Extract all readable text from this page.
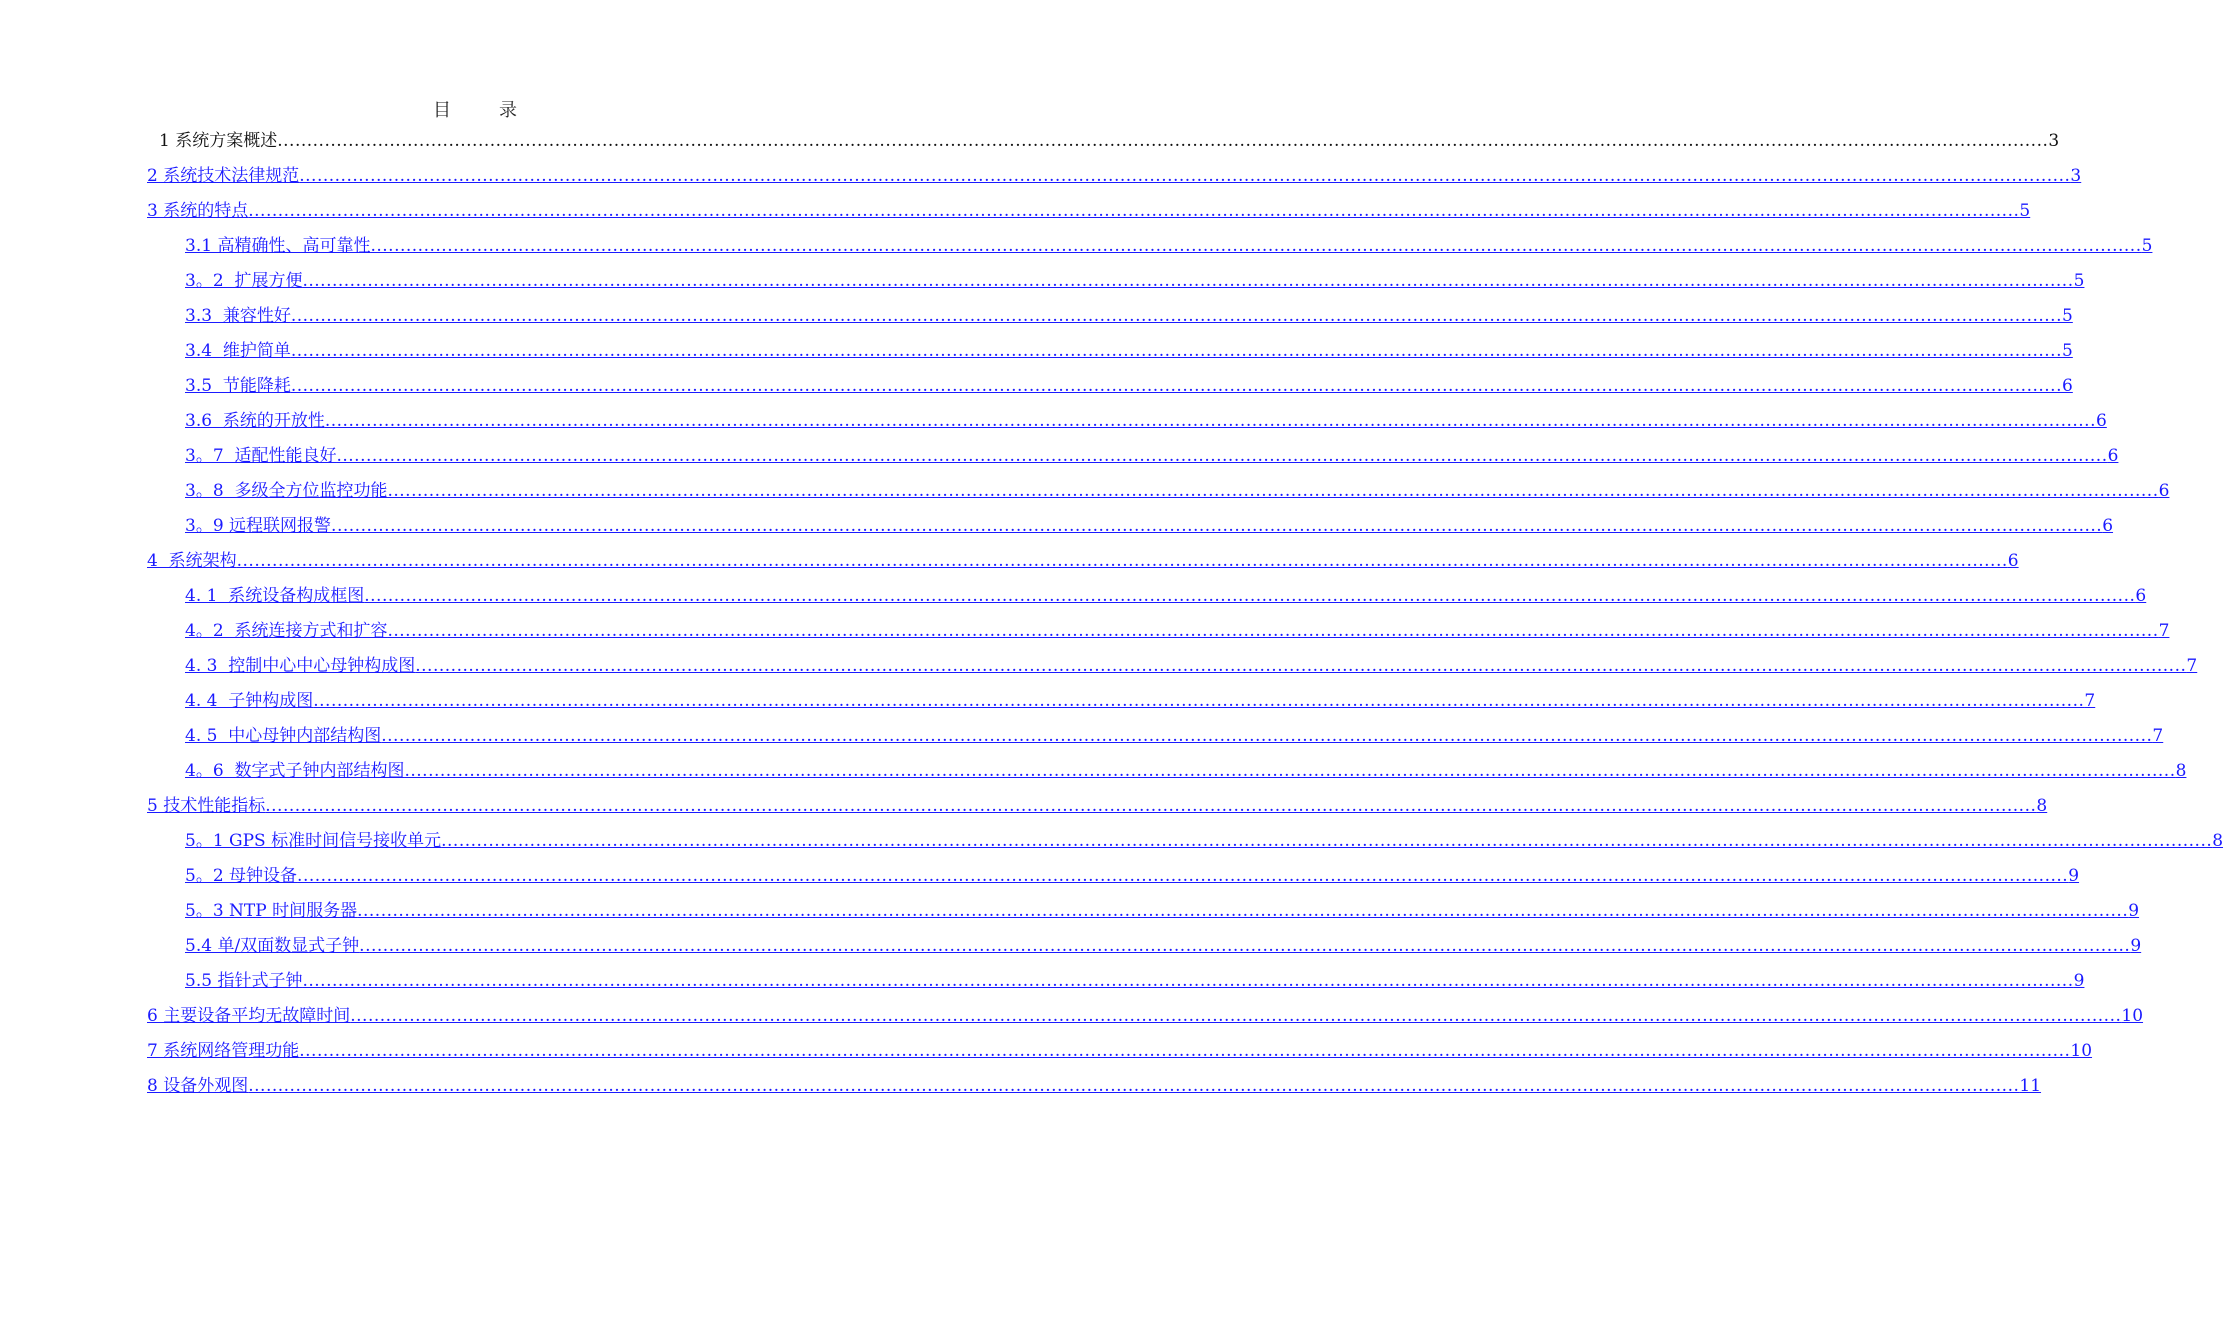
目	录
1 系统方案概述 ............................................................................................................................................................................................................................................................................................................ 3
2 系统技术法律规范 ............................................................................................................................................................................................................................................................................................................ 3
3 系统的特点 ............................................................................................................................................................................................................................................................................................................ 5
3.1 高精确性、高可靠性 ............................................................................................................................................................................................................................................................................................................ 5
3。2  扩展方便 ............................................................................................................................................................................................................................................................................................................ 5
3.3  兼容性好 ............................................................................................................................................................................................................................................................................................................ 5
3.4  维护简单 ............................................................................................................................................................................................................................................................................................................ 5
3.5  节能降耗 ............................................................................................................................................................................................................................................................................................................ 6
3.6  系统的开放性 ............................................................................................................................................................................................................................................................................................................ 6
3。7  适配性能良好 ............................................................................................................................................................................................................................................................................................................ 6
3。8  多级全方位监控功能 ............................................................................................................................................................................................................................................................................................................ 6
3。9 远程联网报警 ............................................................................................................................................................................................................................................................................................................ 6
4  系统架构 ............................................................................................................................................................................................................................................................................................................ 6
4. 1  系统设备构成框图 ............................................................................................................................................................................................................................................................................................................ 6
4。2  系统连接方式和扩容 ............................................................................................................................................................................................................................................................................................................ 7
4. 3  控制中心中心母钟构成图 ............................................................................................................................................................................................................................................................................................................ 7
4. 4  子钟构成图 ............................................................................................................................................................................................................................................................................................................ 7
4. 5  中心母钟内部结构图 ............................................................................................................................................................................................................................................................................................................ 7
4。6  数字式子钟内部结构图 ............................................................................................................................................................................................................................................................................................................ 8
5 技术性能指标 ............................................................................................................................................................................................................................................................................................................ 8
5。1 GPS 标准时间信号接收单元 ............................................................................................................................................................................................................................................................................................................ 8
5。2 母钟设备 ............................................................................................................................................................................................................................................................................................................ 9
5。3 NTP 时间服务器 ............................................................................................................................................................................................................................................................................................................ 9
5.4 单/双面数显式子钟 ............................................................................................................................................................................................................................................................................................................ 9
5.5 指针式子钟 ............................................................................................................................................................................................................................................................................................................ 9
6 主要设备平均无故障时间 ............................................................................................................................................................................................................................................................................................................ 10
7 系统网络管理功能 ............................................................................................................................................................................................................................................................................................................ 10
8 设备外观图 ............................................................................................................................................................................................................................................................................................................ 11
